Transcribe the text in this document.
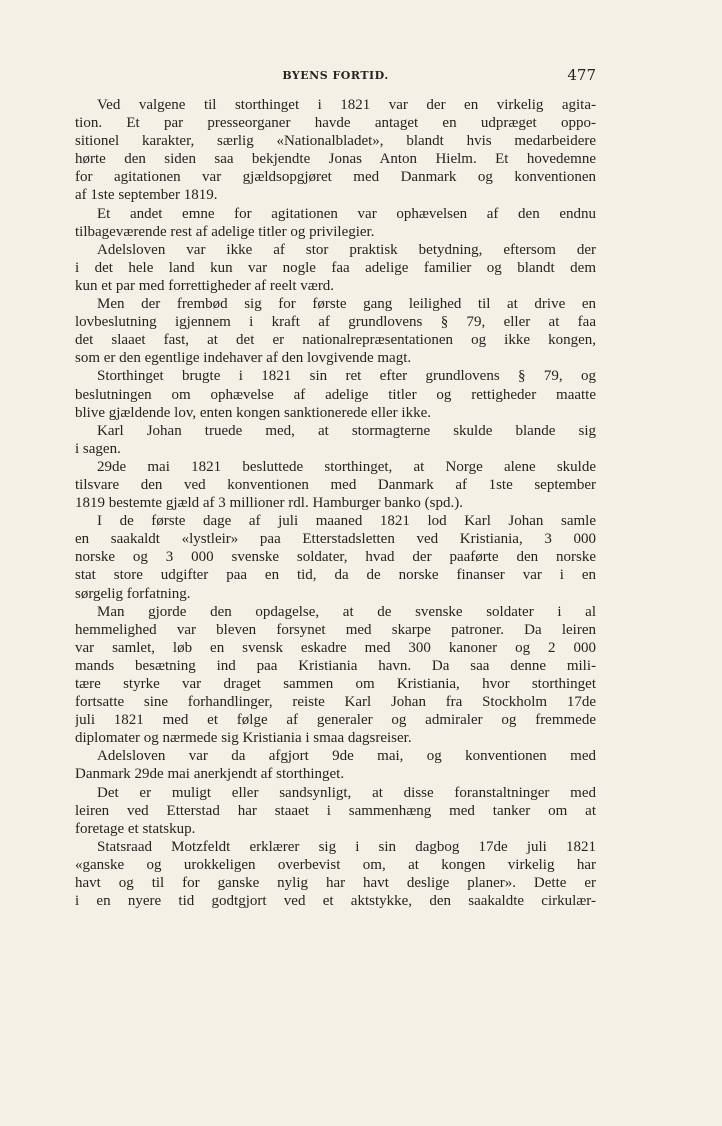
BYENS FORTID.	477
Ved valgene til storthinget i 1821 var der en virkelig agita-
tion. Et par presseorganer havde antaget en udpræget oppo-
sitionel karakter, særlig «Nationalbladet», blandt hvis medarbeidere
hørte den siden saa bekjendte Jonas Anton Hielm. Et hovedemne
for agitationen var gjældsopgjøret med Danmark og konventionen
af 1ste september 1819.
Et andet emne for agitationen var ophævelsen af den endnu
tilbageværende rest af adelige titler og privilegier.
Adelsloven var ikke af stor praktisk betydning, eftersom der
i det hele land kun var nogle faa adelige familier og blandt dem
kun et par med forrettigheder af reelt værd.
Men der frembød sig for første gang leilighed til at drive en
lovbeslutning igjennem i kraft af grundlovens § 79, eller at faa
det slaaet fast, at det er nationalrepræsentationen og ikke kongen,
som er den egentlige indehaver af den lovgivende magt.
Storthinget brugte i 1821 sin ret efter grundlovens § 79, og
beslutningen om ophævelse af adelige titler og rettigheder maatte
blive gjældende lov, enten kongen sanktionerede eller ikke.
Karl Johan truede med, at stormagterne skulde blande sig
i sagen.
29de mai 1821 besluttede storthinget, at Norge alene skulde
tilsvare den ved konventionen med Danmark af 1ste september
1819 bestemte gjæld af 3 millioner rdl. Hamburger banko (spd.).
I de første dage af juli maaned 1821 lod Karl Johan samle
en saakaldt «lystleir» paa Etterstadsletten ved Kristiania, 3 000
norske og 3 000 svenske soldater, hvad der paaførte den norske
stat store udgifter paa en tid, da de norske finanser var i en
sørgelig forfatning.
Man gjorde den opdagelse, at de svenske soldater i al
hemmelighed var bleven forsynet med skarpe patroner. Da leiren
var samlet, løb en svensk eskadre med 300 kanoner og 2 000
mands besætning ind paa Kristiania havn. Da saa denne mili-
tære styrke var draget sammen om Kristiania, hvor storthinget
fortsatte sine forhandlinger, reiste Karl Johan fra Stockholm 17de
juli 1821 med et følge af generaler og admiraler og fremmede
diplomater og nærmede sig Kristiania i smaa dagsreiser.
Adelsloven var da afgjort 9de mai, og konventionen med
Danmark 29de mai anerkjendt af storthinget.
Det er muligt eller sandsynligt, at disse foranstaltninger med
leiren ved Etterstad har staaet i sammenhæng med tanker om at
foretage et statskup.
Statsraad Motzfeldt erklærer sig i sin dagbog 17de juli 1821
«ganske og urokkeligen overbevist om, at kongen virkelig har
havt og til for ganske nylig har havt deslige planer». Dette er
i en nyere tid godtgjort ved et aktstykke, den saakaldte cirkulær-
